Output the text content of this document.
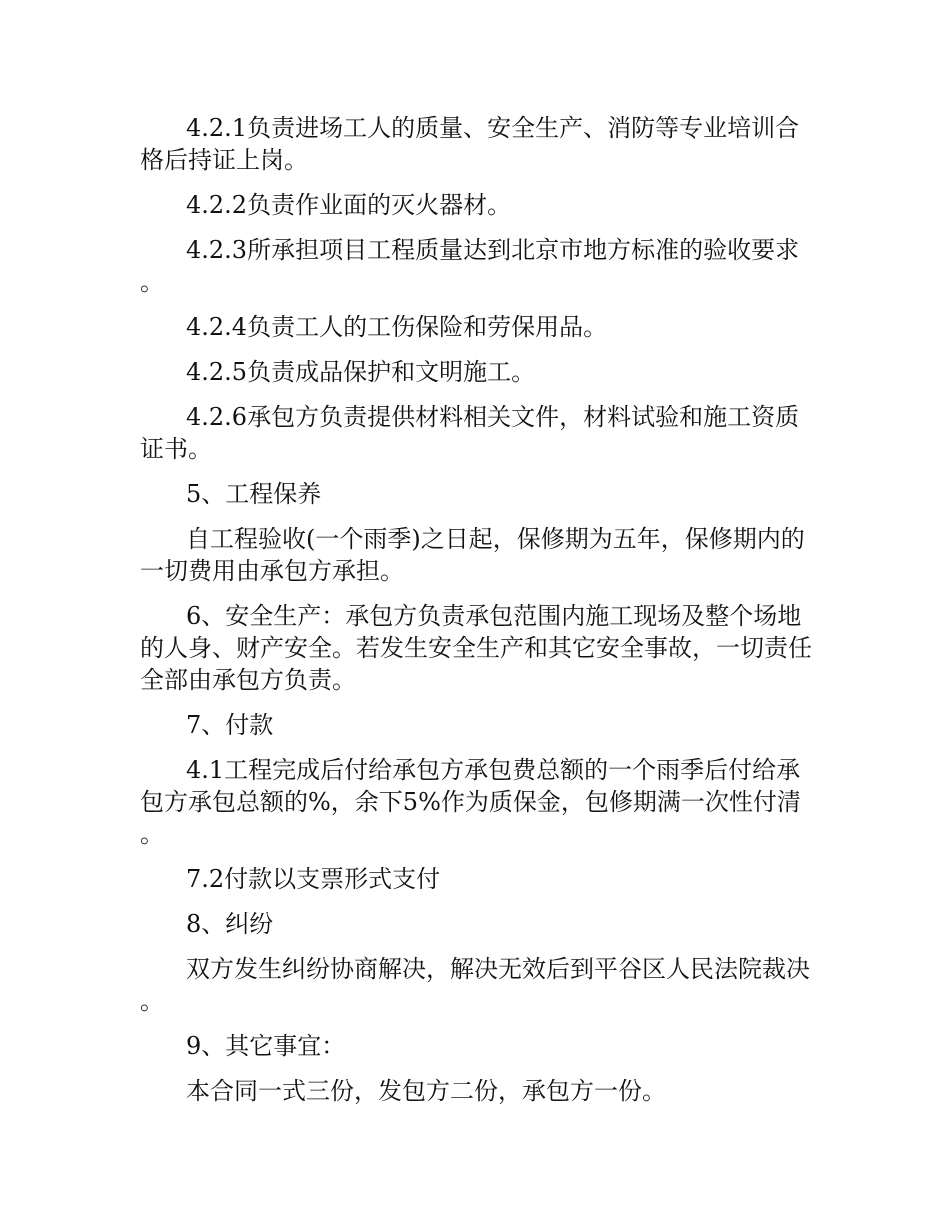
4.2.1负责进场工人的质量、安全生产、消防等专业培训合格后持证上岗。

4.2.2负责作业面的灭火器材。

4.2.3所承担项目工程质量达到北京市地方标准的验收要求。

4.2.4负责工人的工伤保险和劳保用品。

4.2.5负责成品保护和文明施工。

4.2.6承包方负责提供材料相关文件，材料试验和施工资质证书。

5、工程保养

自工程验收(一个雨季)之日起，保修期为五年，保修期内的一切费用由承包方承担。

6、安全生产：承包方负责承包范围内施工现场及整个场地的人身、财产安全。若发生安全生产和其它安全事故，一切责任全部由承包方负责。

7、付款

4.1工程完成后付给承包方承包费总额的一个雨季后付给承包方承包总额的%，余下5%作为质保金，包修期满一次性付清。

7.2付款以支票形式支付

8、纠纷

双方发生纠纷协商解决，解决无效后到平谷区人民法院裁决。

9、其它事宜：

本合同一式三份，发包方二份，承包方一份。
